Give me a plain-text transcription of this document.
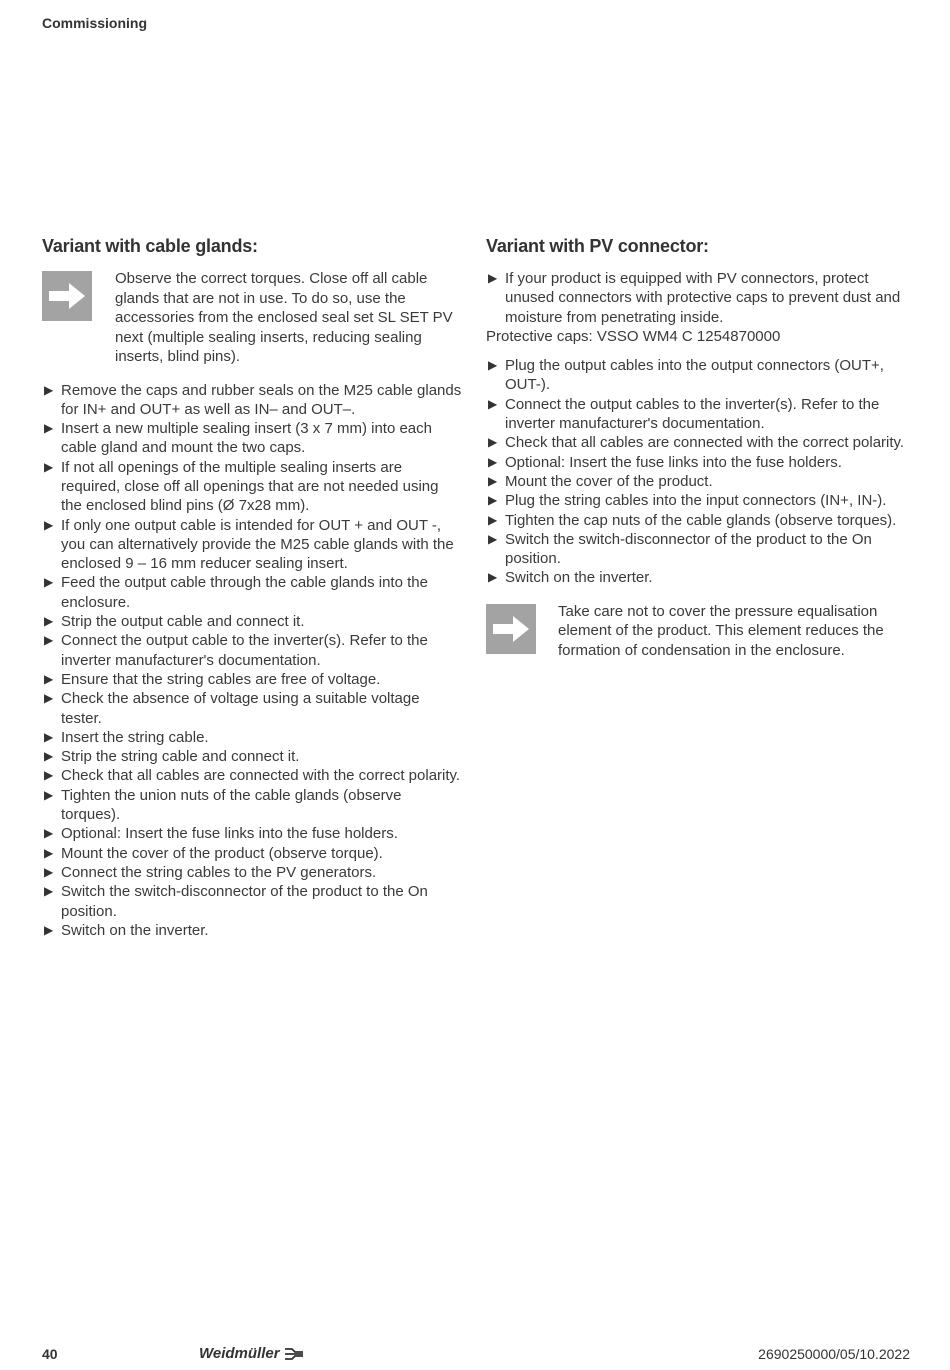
Commissioning
Variant with cable glands:
Observe the correct torques. Close off all cable glands that are not in use. To do so, use the accessories from the enclosed seal set SL SET PV next (multiple sealing inserts, reducing sealing inserts, blind pins).
▶ Remove the caps and rubber seals on the M25 cable glands for IN+ and OUT+ as well as IN– and OUT–.
▶ Insert a new multiple sealing insert (3 x 7 mm) into each cable gland and mount the two caps.
▶ If not all openings of the multiple sealing inserts are required, close off all openings that are not needed using the enclosed blind pins (Ø 7x28 mm).
▶ If only one output cable is intended for OUT + and OUT -, you can alternatively provide the M25 cable glands with the enclosed 9 – 16 mm reducer sealing insert.
▶ Feed the output cable through the cable glands into the enclosure.
▶ Strip the output cable and connect it.
▶ Connect the output cable to the inverter(s). Refer to the inverter manufacturer's documentation.
▶ Ensure that the string cables are free of voltage.
▶ Check the absence of voltage using a suitable voltage tester.
▶ Insert the string cable.
▶ Strip the string cable and connect it.
▶ Check that all cables are connected with the correct polarity.
▶ Tighten the union nuts of the cable glands (observe torques).
▶ Optional: Insert the fuse links into the fuse holders.
▶ Mount the cover of the product (observe torque).
▶ Connect the string cables to the PV generators.
▶ Switch the switch-disconnector of the product to the On position.
▶ Switch on the inverter.
Variant with PV connector:
▶ If your product is equipped with PV connectors, protect unused connectors with protective caps to prevent dust and moisture from penetrating inside.

Protective caps: VSSO WM4 C 1254870000

▶ Plug the output cables into the output connectors (OUT+, OUT-).
▶ Connect the output cables to the inverter(s). Refer to the inverter manufacturer's documentation.
▶ Check that all cables are connected with the correct polarity.
▶ Optional: Insert the fuse links into the fuse holders.
▶ Mount the cover of the product.
▶ Plug the string cables into the input connectors (IN+, IN-).
▶ Tighten the cap nuts of the cable glands (observe torques).
▶ Switch the switch-disconnector of the product to the On position.
▶ Switch on the inverter.
Take care not to cover the pressure equalisation element of the product. This element reduces the formation of condensation in the enclosure.
40	Weidmüller	2690250000/05/10.2022
